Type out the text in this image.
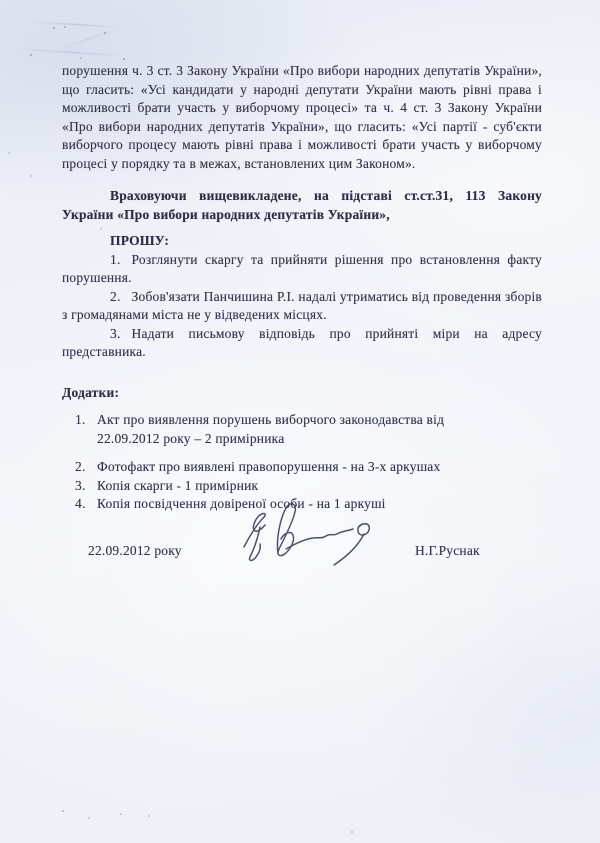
порушення ч. 3 ст. 3 Закону України «Про вибори народних депутатів України», що гласить: «Усі кандидати у народні депутати України мають рівні права і можливості брати участь у виборчому процесі» та ч. 4 ст. 3 Закону України «Про вибори народних депутатів України», що гласить: «Усі партії - суб'єкти виборчого процесу мають рівні права і можливості брати участь у виборчому процесі у порядку та в межах, встановлених цим Законом».

Враховуючи вищевикладене, на підставі ст.ст.31, 113 Закону України «Про вибори народних депутатів України»,

ПРОШУ:

1. Розглянути скаргу та прийняти рішення про встановлення факту порушення.

2. Зобов'язати Панчишина Р.І. надалі утриматись від проведення зборів з громадянами міста не у відведених місцях.

3. Надати письмову відповідь про прийняті міри на адресу представника.

Додатки:

1. Акт про виявлення порушень виборчого законодавства від 22.09.2012 року – 2 примірника
2. Фотофакт про виявлені правопорушення - на 3-х аркушах
3. Копія скарги - 1 примірник
4. Копія посвідчення довіреної особи - на 1 аркуші
22.09.2012 року	Н.Г.Руснак
